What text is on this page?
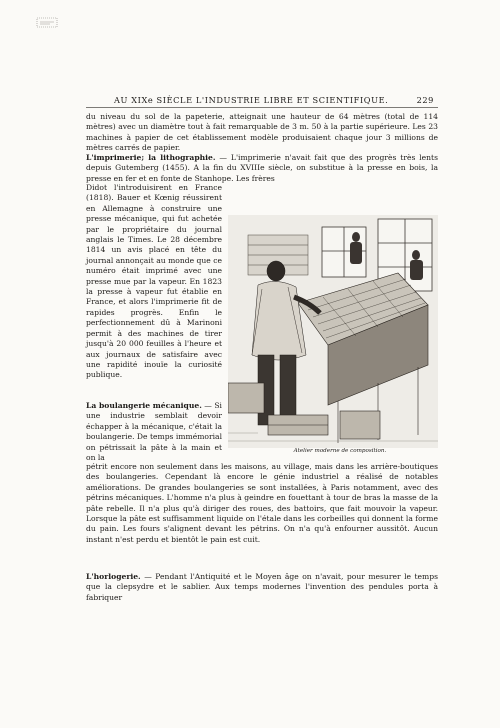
AU XIXe SIÈCLE L'INDUSTRIE LIBRE ET SCIENTIFIQUE.	229

du niveau du sol de la papeterie, atteignait une hauteur de 64 mètres (total de 114 mètres) avec un diamètre tout à fait remarquable de 3 m. 50 à la partie supérieure. Les 23 machines à papier de cet établissement modèle produisaient chaque jour 3 millions de mètres carrés de papier.

L'imprimerie; la lithographie. — L'imprimerie n'avait fait que des progrès très lents depuis Gutemberg (1455). A la fin du XVIIIe siècle, on substitue à la presse en bois, la presse en fer et en fonte de Stanhope. Les frères

Didot l'introduisirent en France (1818). Bauer et Kœnig réussirent en Allemagne à construire une presse mécanique, qui fut achetée par le propriétaire du journal anglais le Times. Le 28 décembre 1814 un avis placé en tête du journal annonçait au monde que ce numéro était imprimé avec une presse mue par la vapeur. En 1823 la presse à vapeur fut établie en France, et alors l'imprimerie fit de rapides progrès. Enfin le perfectionnement dû à Marinoni permit à des machines de tirer jusqu'à 20 000 feuilles à l'heure et aux journaux de satisfaire avec une rapidité inouïe la curiosité publique.

Atelier moderne de composition.

La boulangerie mécanique. — Si une industrie semblait devoir échapper à la mécanique, c'était la boulangerie. De temps immémorial on pétrissait la pâte à la main et on la

pétrit encore non seulement dans les maisons, au village, mais dans les arrière-boutiques des boulangeries. Cependant là encore le génie industriel a réalisé de notables améliorations. De grandes boulangeries se sont installées, à Paris notamment, avec des pétrins mécaniques. L'homme n'a plus à geindre en fouettant à tour de bras la masse de la pâte rebelle. Il n'a plus qu'à diriger des roues, des battoirs, que fait mouvoir la vapeur. Lorsque la pâte est suffisamment liquide on l'étale dans les corbeilles qui donnent la forme du pain. Les fours s'alignent devant les pétrins. On n'a qu'à enfourner aussitôt. Aucun instant n'est perdu et bientôt le pain est cuit.

L'horlogerie. — Pendant l'Antiquité et le Moyen âge on n'avait, pour mesurer le temps que la clepsydre et le sablier. Aux temps modernes l'invention des pendules porta à fabriquer
